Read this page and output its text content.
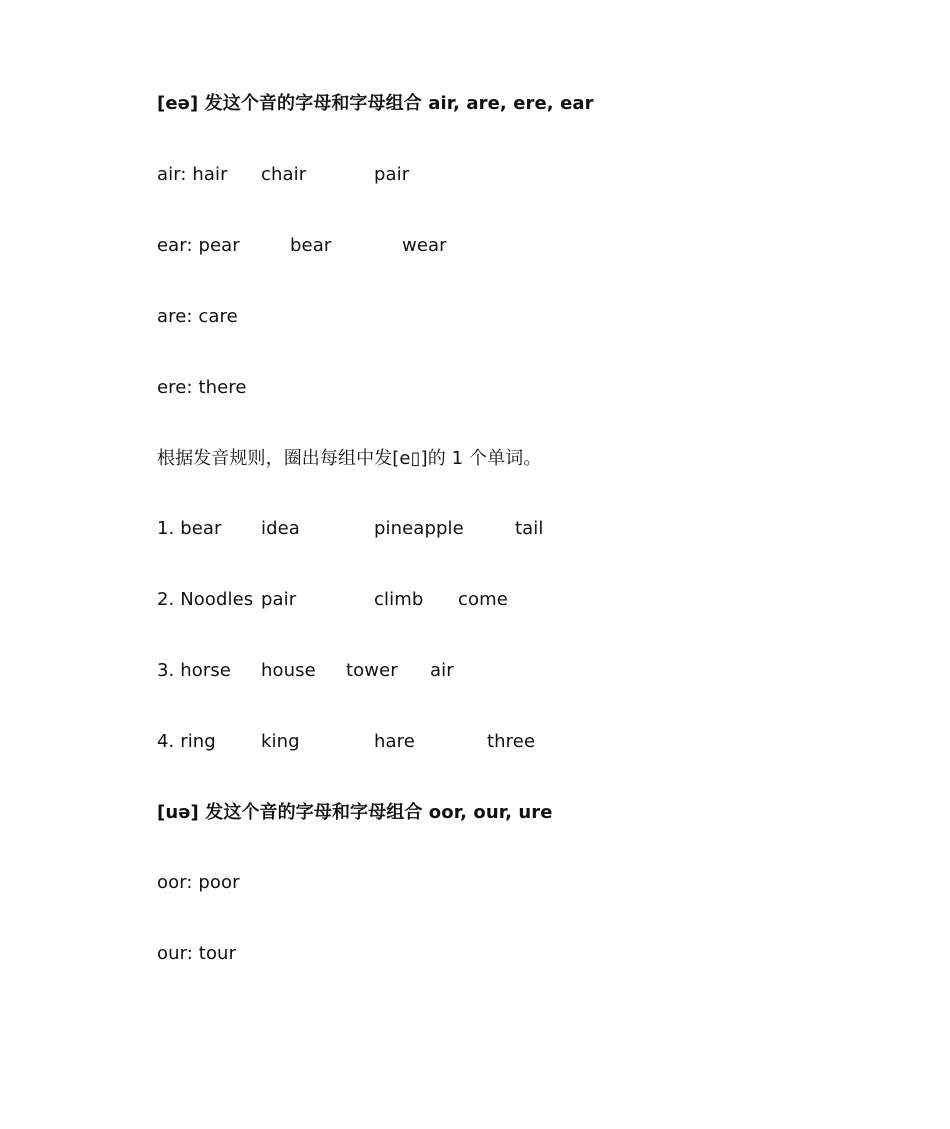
[eə] 发这个音的字母和字母组合 air, are, ere, ear
air: hair chair	pair
ear: pear	bear	wear
are: care
ere: there
根据发音规则，圈出每组中发[e▯]的 1 个单词。
1. bear idea	pineapple	tail
2. Noodles pair	climb come
3. horse house tower air
4. ring	king	hare	three
[uə] 发这个音的字母和字母组合 oor, our, ure
oor: poor
our: tour
